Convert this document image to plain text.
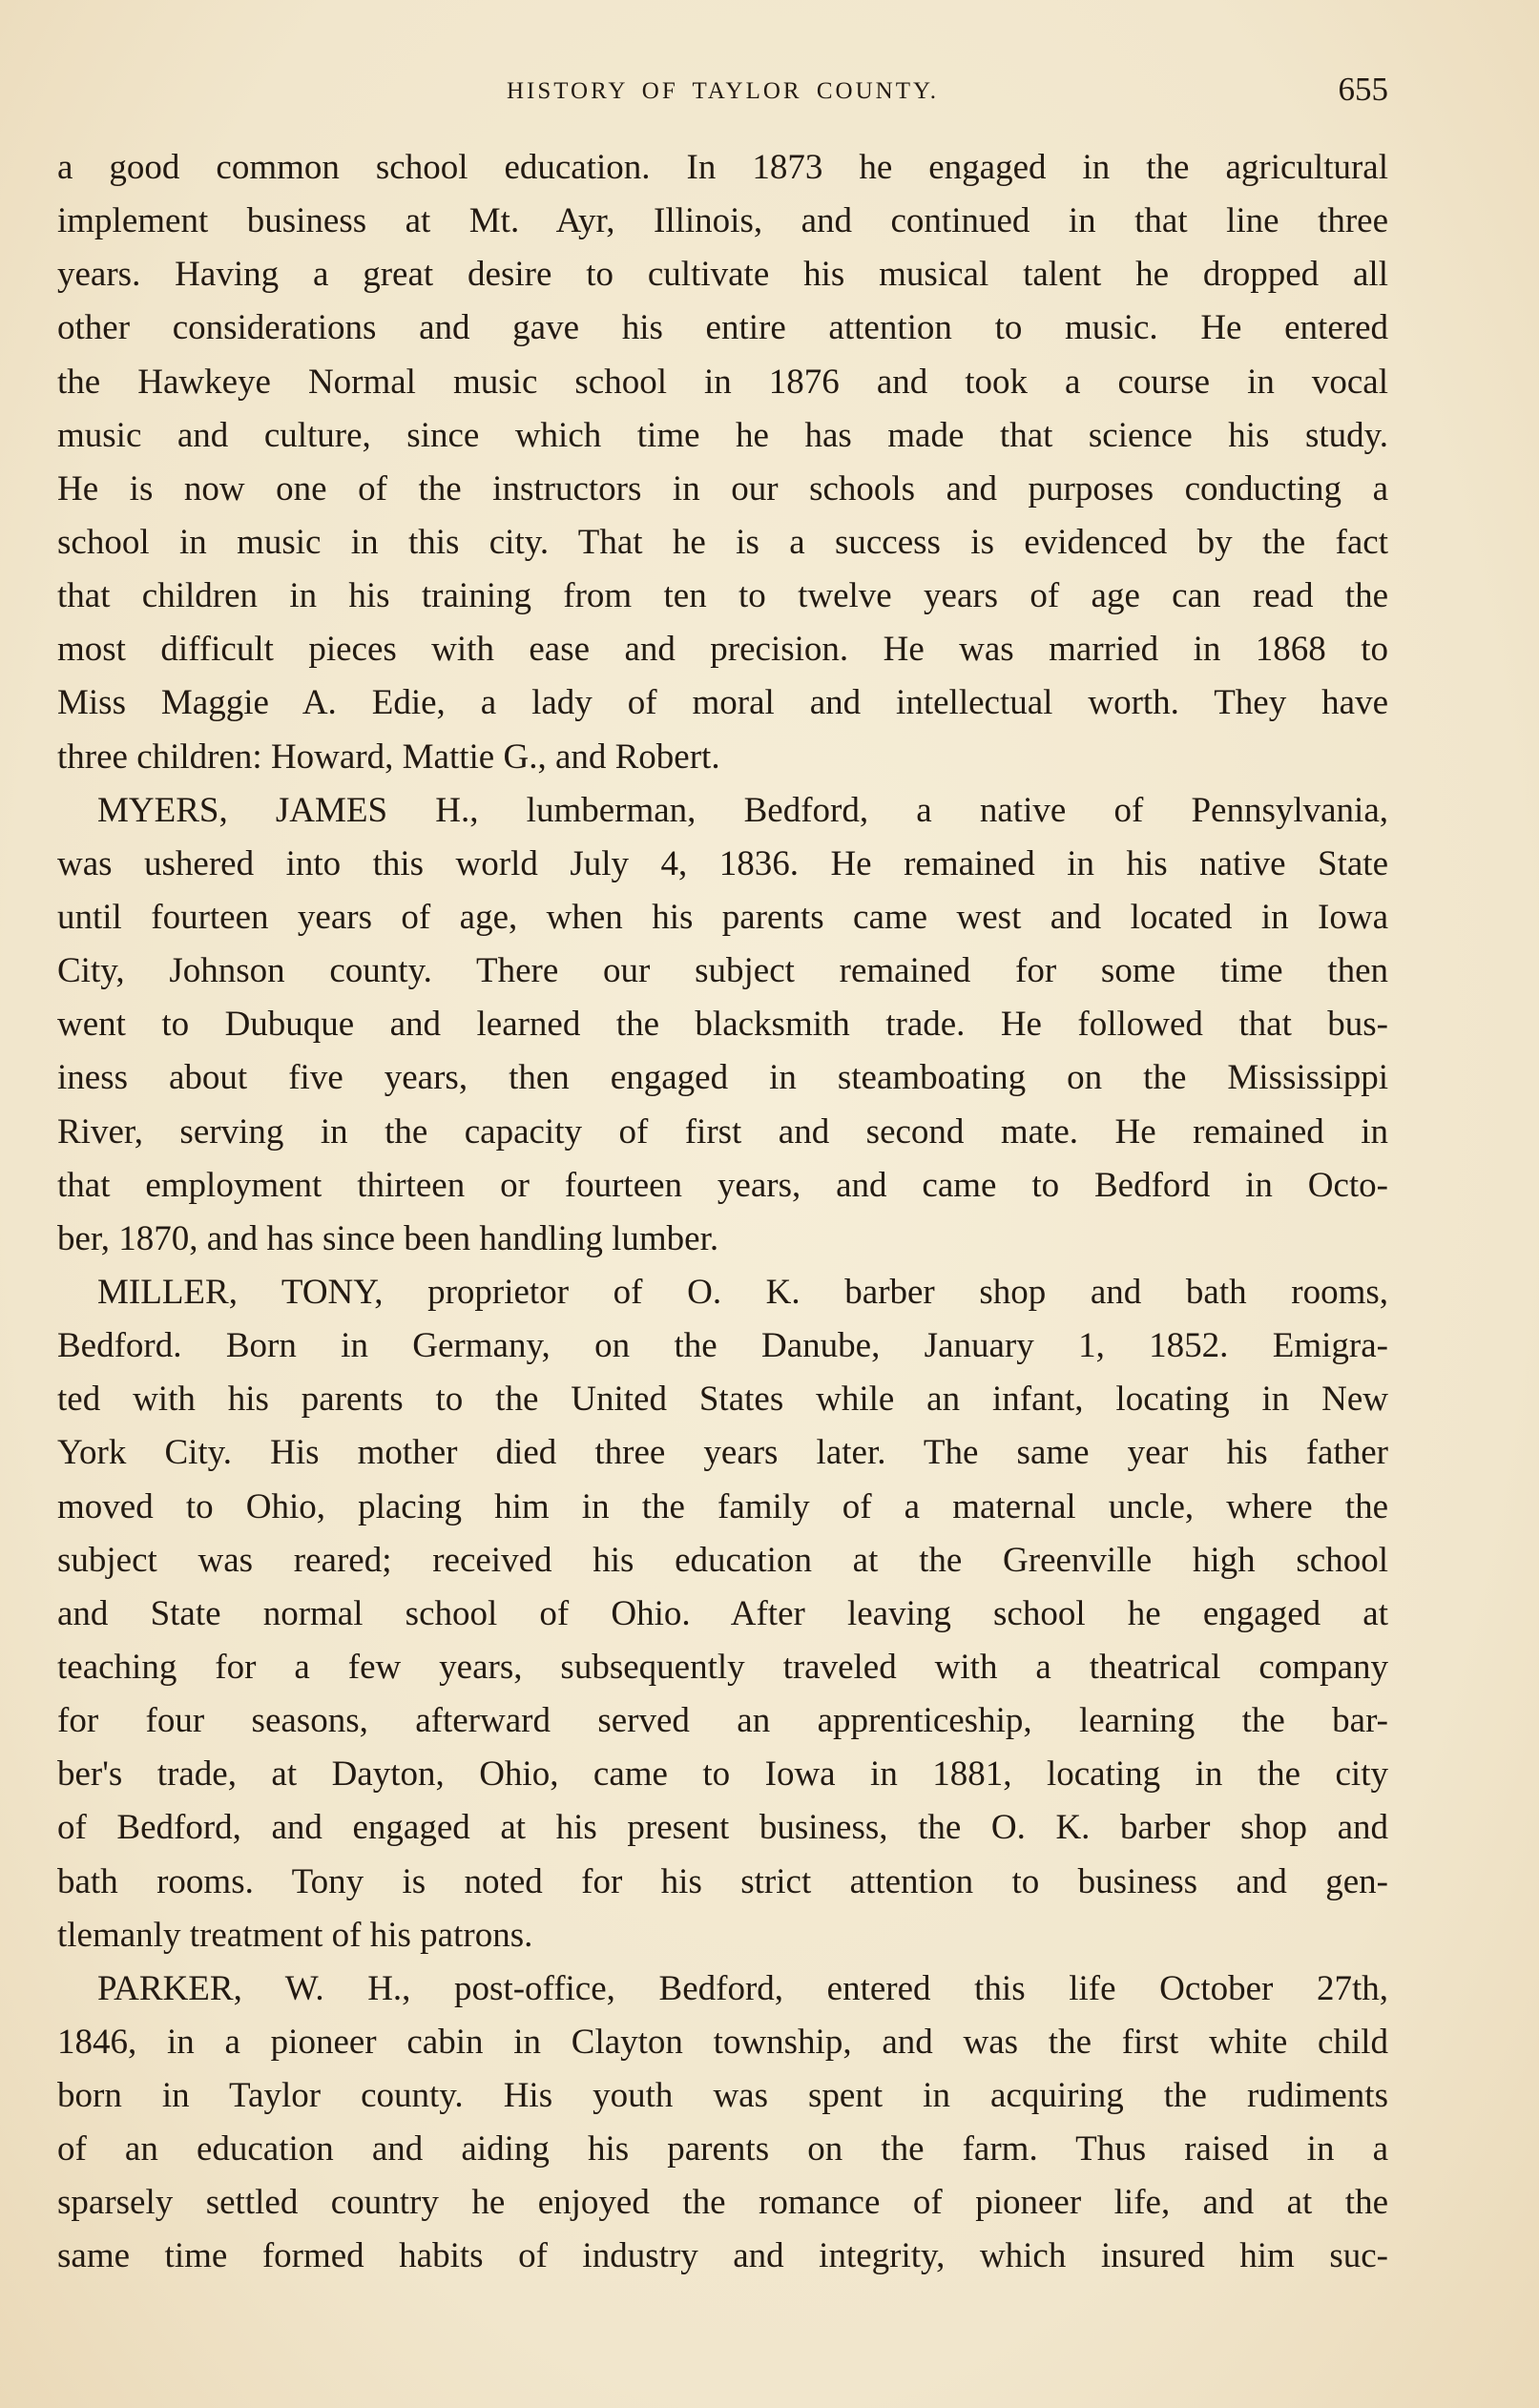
HISTORY OF TAYLOR COUNTY.	655
a good common school education. In 1873 he engaged in the agricultural
implement business at Mt. Ayr, Illinois, and continued in that line three
years. Having a great desire to cultivate his musical talent he dropped all
other considerations and gave his entire attention to music. He entered
the Hawkeye Normal music school in 1876 and took a course in vocal
music and culture, since which time he has made that science his study.
He is now one of the instructors in our schools and purposes conducting a
school in music in this city. That he is a success is evidenced by the fact
that children in his training from ten to twelve years of age can read the
most difficult pieces with ease and precision. He was married in 1868 to
Miss Maggie A. Edie, a lady of moral and intellectual worth. They have
three children: Howard, Mattie G., and Robert.
MYERS, JAMES H., lumberman, Bedford, a native of Pennsylvania,
was ushered into this world July 4, 1836. He remained in his native State
until fourteen years of age, when his parents came west and located in Iowa
City, Johnson county. There our subject remained for some time then
went to Dubuque and learned the blacksmith trade. He followed that bus-
iness about five years, then engaged in steamboating on the Mississippi
River, serving in the capacity of first and second mate. He remained in
that employment thirteen or fourteen years, and came to Bedford in Octo-
ber, 1870, and has since been handling lumber.
MILLER, TONY, proprietor of O. K. barber shop and bath rooms,
Bedford. Born in Germany, on the Danube, January 1, 1852. Emigra-
ted with his parents to the United States while an infant, locating in New
York City. His mother died three years later. The same year his father
moved to Ohio, placing him in the family of a maternal uncle, where the
subject was reared; received his education at the Greenville high school
and State normal school of Ohio. After leaving school he engaged at
teaching for a few years, subsequently traveled with a theatrical company
for four seasons, afterward served an apprenticeship, learning the bar-
ber's trade, at Dayton, Ohio, came to Iowa in 1881, locating in the city
of Bedford, and engaged at his present business, the O. K. barber shop and
bath rooms. Tony is noted for his strict attention to business and gen-
tlemanly treatment of his patrons.
PARKER, W. H., post-office, Bedford, entered this life October 27th,
1846, in a pioneer cabin in Clayton township, and was the first white child
born in Taylor county. His youth was spent in acquiring the rudiments
of an education and aiding his parents on the farm. Thus raised in a
sparsely settled country he enjoyed the romance of pioneer life, and at the
same time formed habits of industry and integrity, which insured him suc-
